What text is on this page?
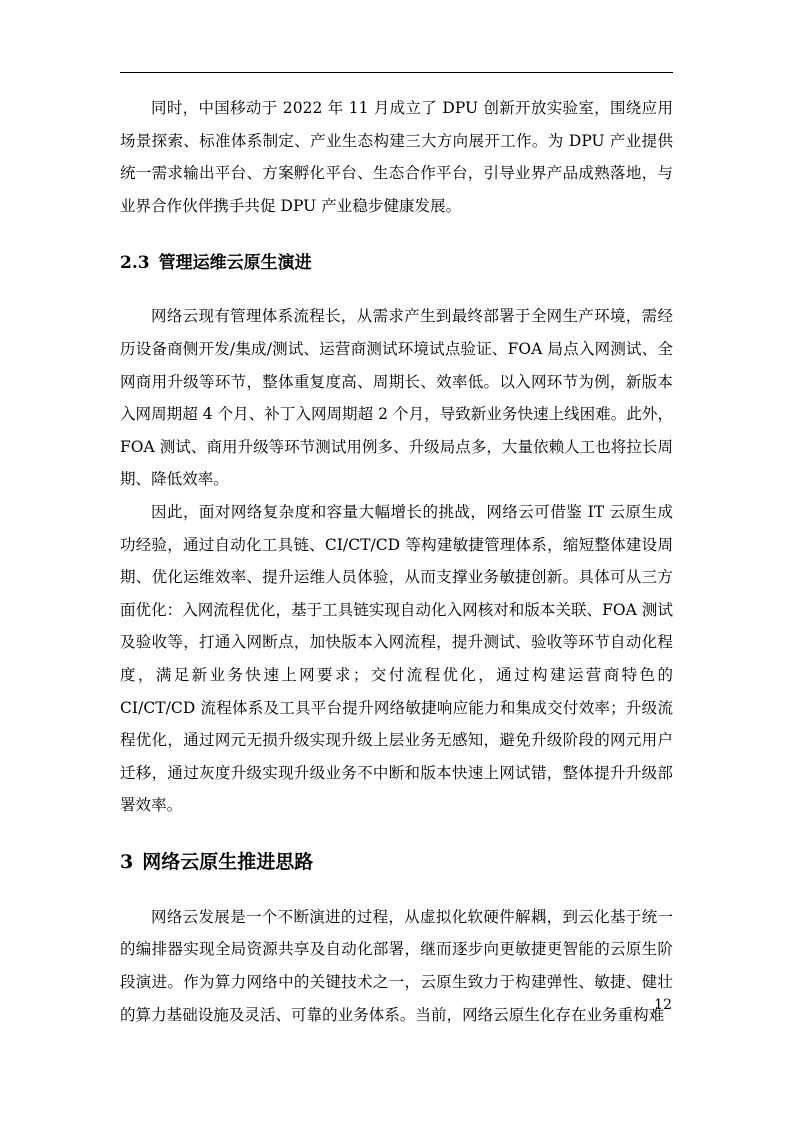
同时，中国移动于 2022 年 11 月成立了 DPU 创新开放实验室，围绕应用场景探索、标准体系制定、产业生态构建三大方向展开工作。为 DPU 产业提供统一需求输出平台、方案孵化平台、生态合作平台，引导业界产品成熟落地，与业界合作伙伴携手共促 DPU 产业稳步健康发展。

2.3 管理运维云原生演进

网络云现有管理体系流程长，从需求产生到最终部署于全网生产环境，需经历设备商侧开发/集成/测试、运营商测试环境试点验证、FOA 局点入网测试、全网商用升级等环节，整体重复度高、周期长、效率低。以入网环节为例，新版本入网周期超 4 个月、补丁入网周期超 2 个月，导致新业务快速上线困难。此外，FOA 测试、商用升级等环节测试用例多、升级局点多，大量依赖人工也将拉长周期、降低效率。

因此，面对网络复杂度和容量大幅增长的挑战，网络云可借鉴 IT 云原生成功经验，通过自动化工具链、CI/CT/CD 等构建敏捷管理体系，缩短整体建设周期、优化运维效率、提升运维人员体验，从而支撑业务敏捷创新。具体可从三方面优化：入网流程优化，基于工具链实现自动化入网核对和版本关联、FOA 测试及验收等，打通入网断点，加快版本入网流程，提升测试、验收等环节自动化程度，满足新业务快速上网要求；交付流程优化，通过构建运营商特色的 CI/CT/CD 流程体系及工具平台提升网络敏捷响应能力和集成交付效率；升级流程优化，通过网元无损升级实现升级上层业务无感知，避免升级阶段的网元用户迁移，通过灰度升级实现升级业务不中断和版本快速上网试错，整体提升升级部署效率。

3 网络云原生推进思路

网络云发展是一个不断演进的过程，从虚拟化软硬件解耦，到云化基于统一的编排器实现全局资源共享及自动化部署，继而逐步向更敏捷更智能的云原生阶段演进。作为算力网络中的关键技术之一，云原生致力于构建弹性、敏捷、健壮的算力基础设施及灵活、可靠的业务体系。当前，网络云原生化存在业务重构难

12
